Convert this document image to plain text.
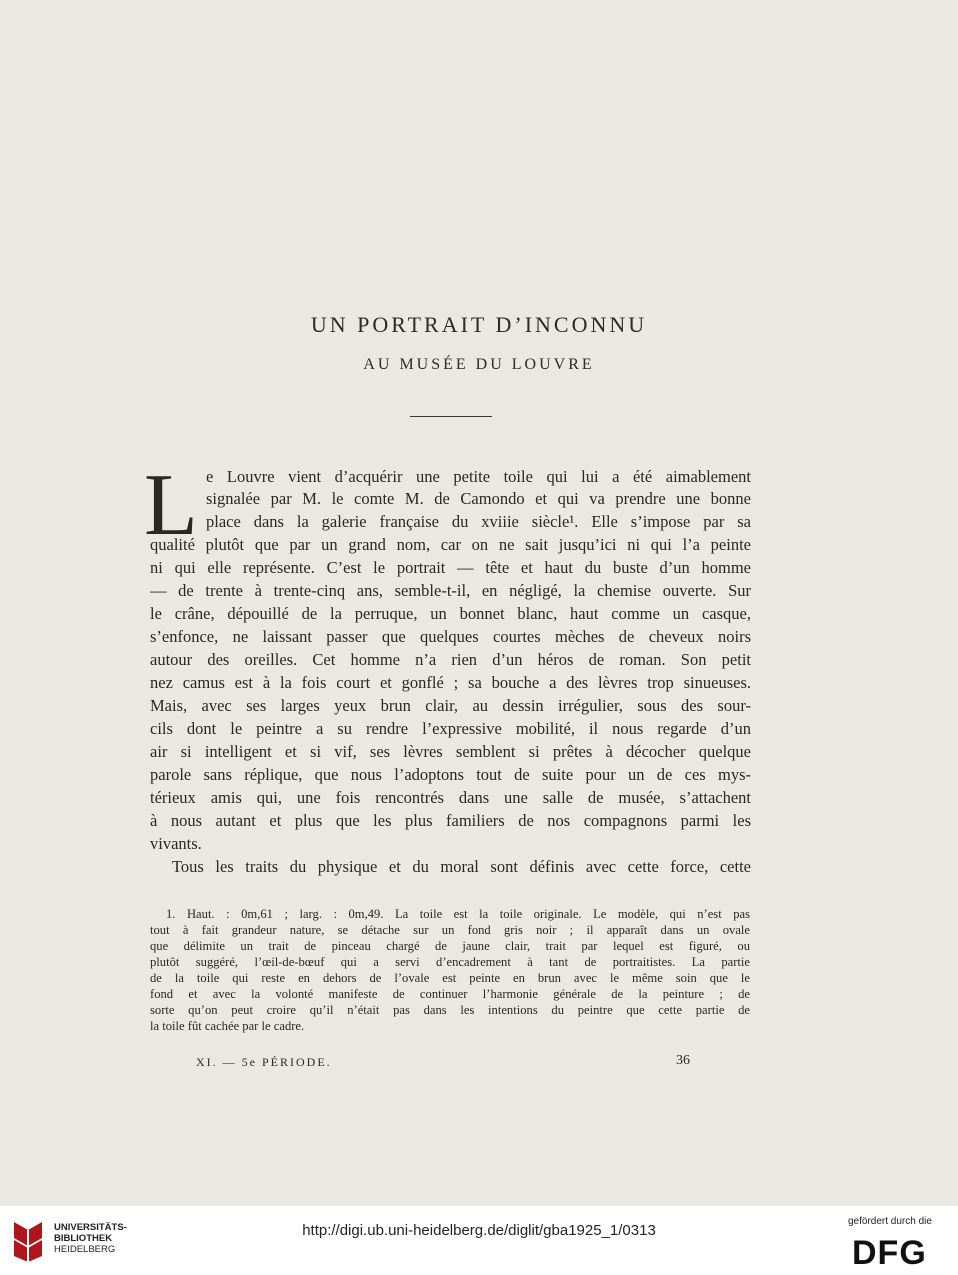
UN PORTRAIT D’INCONNU
AU MUSÉE DU LOUVRE
L e Louvre vient d’acquérir une petite toile qui lui a été aimablement
signalée par M. le comte M. de Camondo et qui va prendre une bonne
place dans la galerie française du xviiie siècle¹. Elle s’impose par sa
qualité plutôt que par un grand nom, car on ne sait jusqu’ici ni qui l’a peinte
ni qui elle représente. C’est le portrait — tête et haut du buste d’un homme
— de trente à trente-cinq ans, semble-t-il, en négligé, la chemise ouverte. Sur
le crâne, dépouillé de la perruque, un bonnet blanc, haut comme un casque,
s’enfonce, ne laissant passer que quelques courtes mèches de cheveux noirs
autour des oreilles. Cet homme n’a rien d’un héros de roman. Son petit
nez camus est à la fois court et gonflé ; sa bouche a des lèvres trop sinueuses.
Mais, avec ses larges yeux brun clair, au dessin irrégulier, sous des sour-
cils dont le peintre a su rendre l’expressive mobilité, il nous regarde d’un
air si intelligent et si vif, ses lèvres semblent si prêtes à décocher quelque
parole sans réplique, que nous l’adoptons tout de suite pour un de ces mys-
térieux amis qui, une fois rencontrés dans une salle de musée, s’attachent
à nous autant et plus que les plus familiers de nos compagnons parmi les
vivants.
Tous les traits du physique et du moral sont définis avec cette force, cette
1. Haut. : 0m,61 ; larg. : 0m,49. La toile est la toile originale. Le modèle, qui n’est pas
tout à fait grandeur nature, se détache sur un fond gris noir ; il apparaît dans un ovale
que délimite un trait de pinceau chargé de jaune clair, trait par lequel est figuré, ou
plutôt suggéré, l’œil-de-bœuf qui a servi d’encadrement à tant de portraitistes. La partie
de la toile qui reste en dehors de l’ovale est peinte en brun avec le même soin que le
fond et avec la volonté manifeste de continuer l’harmonie générale de la peinture ; de
sorte qu’on peut croire qu’il n’était pas dans les intentions du peintre que cette partie de
la toile fût cachée par le cadre.
XI. — 5e PÉRIODE.	36
UNIVERSITÄTS-
BIBLIOTHEK
HEIDELBERG
http://digi.ub.uni-heidelberg.de/diglit/gba1925_1/0313
gefördert durch die
DFG
